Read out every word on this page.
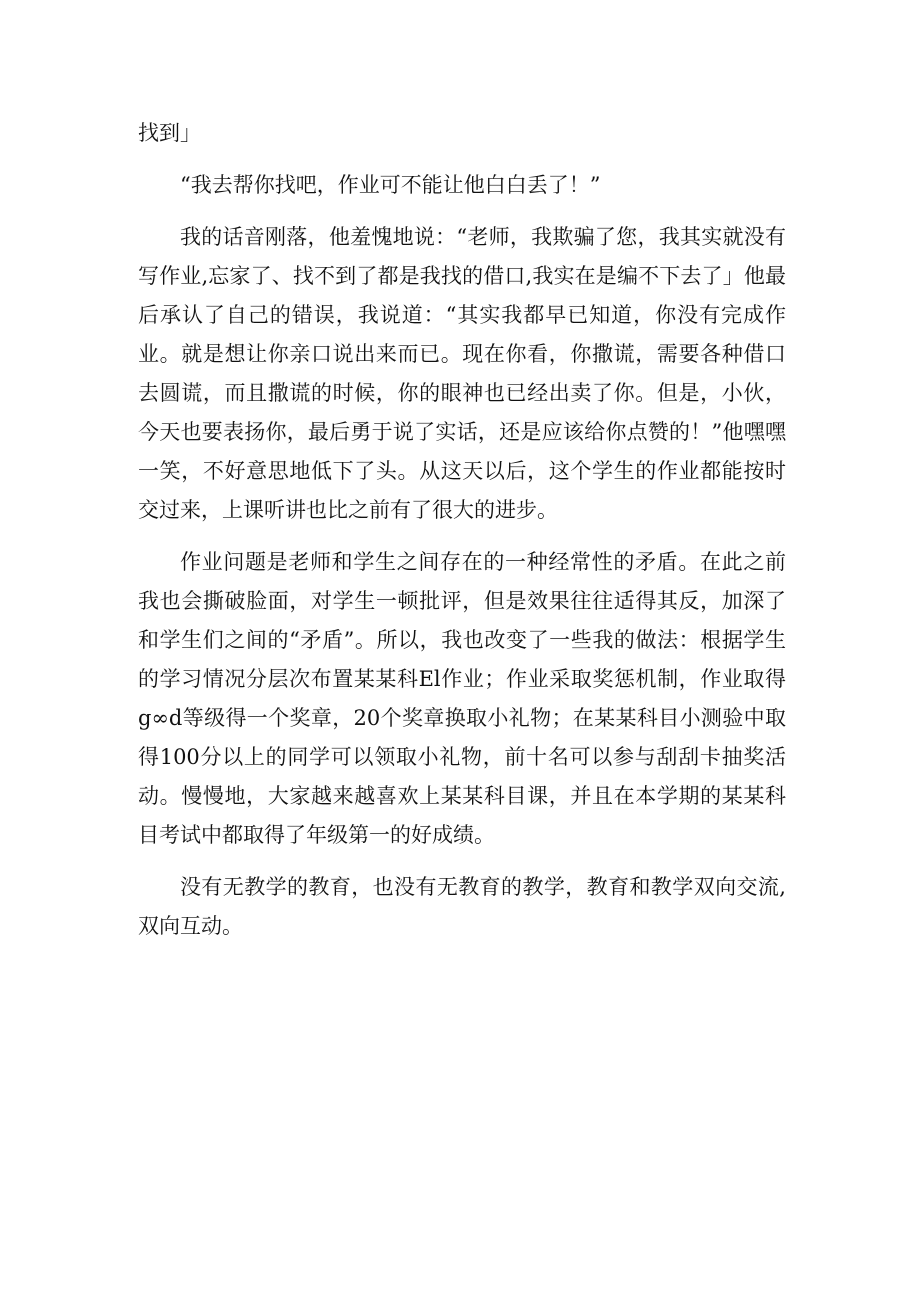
找到」

“我去帮你找吧，作业可不能让他白白丢了！”

我的话音刚落，他羞愧地说：“老师，我欺骗了您，我其实就没有写作业,忘家了、找不到了都是我找的借口,我实在是编不下去了」他最后承认了自己的错误，我说道：“其实我都早已知道，你没有完成作业。就是想让你亲口说出来而已。现在你看，你撒谎，需要各种借口去圆谎，而且撒谎的时候，你的眼神也已经出卖了你。但是，小伙，今天也要表扬你，最后勇于说了实话，还是应该给你点赞的！”他嘿嘿一笑，不好意思地低下了头。从这天以后，这个学生的作业都能按时交过来，上课听讲也比之前有了很大的进步。

作业问题是老师和学生之间存在的一种经常性的矛盾。在此之前我也会撕破脸面，对学生一顿批评，但是效果往往适得其反，加深了和学生们之间的“矛盾”。所以，我也改变了一些我的做法：根据学生的学习情况分层次布置某某科El作业；作业采取奖惩机制，作业取得g∞d等级得一个奖章，20个奖章换取小礼物；在某某科目小测验中取得100分以上的同学可以领取小礼物，前十名可以参与刮刮卡抽奖活动。慢慢地，大家越来越喜欢上某某科目课，并且在本学期的某某科目考试中都取得了年级第一的好成绩。

没有无教学的教育，也没有无教育的教学，教育和教学双向交流,双向互动。
